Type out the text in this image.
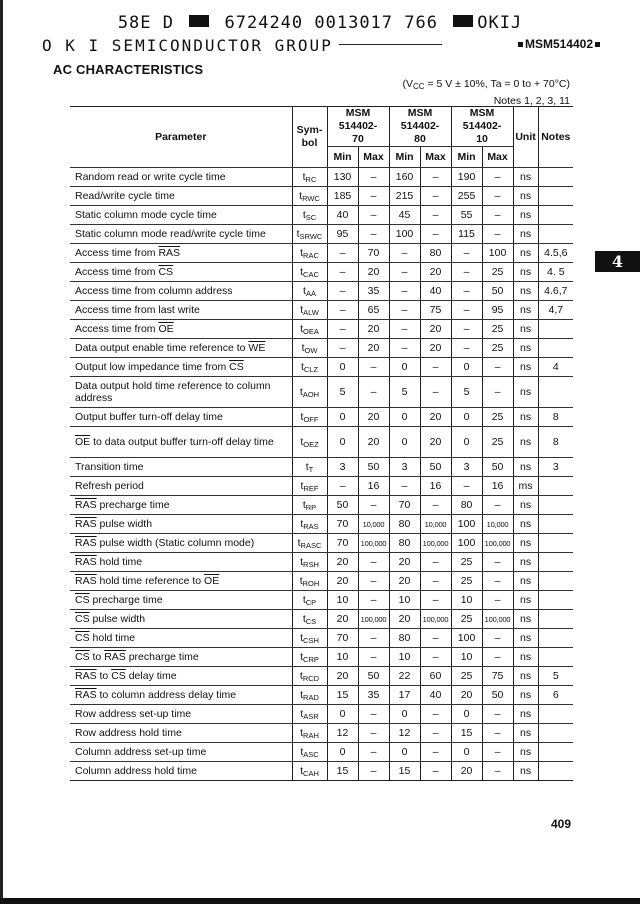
58E D	6724240 0013017 766 OKIJ
O K I SEMICONDUCTOR GROUP	MSM514402
AC CHARACTERISTICS
($V_{CC} = 5$ V ± 10%, Ta = 0 to + 70°C)
Notes 1, 2, 3, 11
Parameter	Sym-bol	MSM 514402-70		MSM 514402-80		MSM 514402-10		Unit	Notes
		Min	Max	Min	Max	Min	Max		
Random read or write cycle time	$t_{RC}$	130	–	160	–	190	–	ns	
Read/write cycle time	$t_{RWC}$	185	–	215	–	255	–	ns	
Static column mode cycle time	$t_{SC}$	40	–	45	–	55	–	ns	
Static column mode read/write cycle time	$t_{SRWC}$	95	–	100	–	115	–	ns	
Access time from $\overline{RAS}$	$t_{RAC}$	–	70	–	80	–	100	ns	4.5,6
Access time from $\overline{CS}$	$t_{CAC}$	–	20	–	20	–	25	ns	4. 5
Access time from column address	$t_{AA}$	–	35	–	40	–	50	ns	4.6,7
Access time from last write	$t_{ALW}$	–	65	–	75	–	95	ns	4,7
Access time from $\overline{OE}$	$t_{OEA}$	–	20	–	20	–	25	ns	
Data output enable time reference to $\overline{WE}$	$t_{OW}$	–	20	–	20	–	25	ns	
Output low impedance time from $\overline{CS}$	$t_{CLZ}$	0	–	0	–	0	–	ns	4
Data output hold time reference to column address	$t_{AOH}$	5	–	5	–	5	–	ns	
Output buffer turn-off delay time	$t_{OFF}$	0	20	0	20	0	25	ns	8
$\overline{OE}$ to data output buffer turn-off delay time	$t_{OEZ}$	0	20	0	20	0	25	ns	8
Transition time	$t_T$	3	50	3	50	3	50	ns	3
Refresh period	$t_{REF}$	–	16	–	16	–	16	ms	
$\overline{RAS}$ precharge time	$t_{RP}$	50	–	70	–	80	–	ns	
$\overline{RAS}$ pulse width	$t_{RAS}$	70	10,000	80	10,000	100	10,000	ns	
$\overline{RAS}$ pulse width (Static column mode)	$t_{RASC}$	70	100,000	80	100,000	100	100,000	ns	
$\overline{RAS}$ hold time	$t_{RSH}$	20	–	20	–	25	–	ns	
$\overline{RAS}$ hold time reference to $\overline{OE}$	$t_{ROH}$	20	–	20	–	25	–	ns	
$\overline{CS}$ precharge time	$t_{CP}$	10	–	10	–	10	–	ns	
$\overline{CS}$ pulse width	$t_{CS}$	20	100,000	20	100,000	25	100,000	ns	
$\overline{CS}$ hold time	$t_{CSH}$	70	–	80	–	100	–	ns	
$\overline{CS}$ to $\overline{RAS}$ precharge time	$t_{CRP}$	10	–	10	–	10	–	ns	
$\overline{RAS}$ to $\overline{CS}$ delay time	$t_{RCD}$	20	50	22	60	25	75	ns	5
$\overline{RAS}$ to column address delay time	$t_{RAD}$	15	35	17	40	20	50	ns	6
Row address set-up time	$t_{ASR}$	0	–	0	–	0	–	ns	
Row address hold time	$t_{RAH}$	12	–	12	–	15	–	ns	
Column address set-up time	$t_{ASC}$	0	–	0	–	0	–	ns	
Column address hold time	$t_{CAH}$	15	–	15	–	20	–	ns	
4
409
